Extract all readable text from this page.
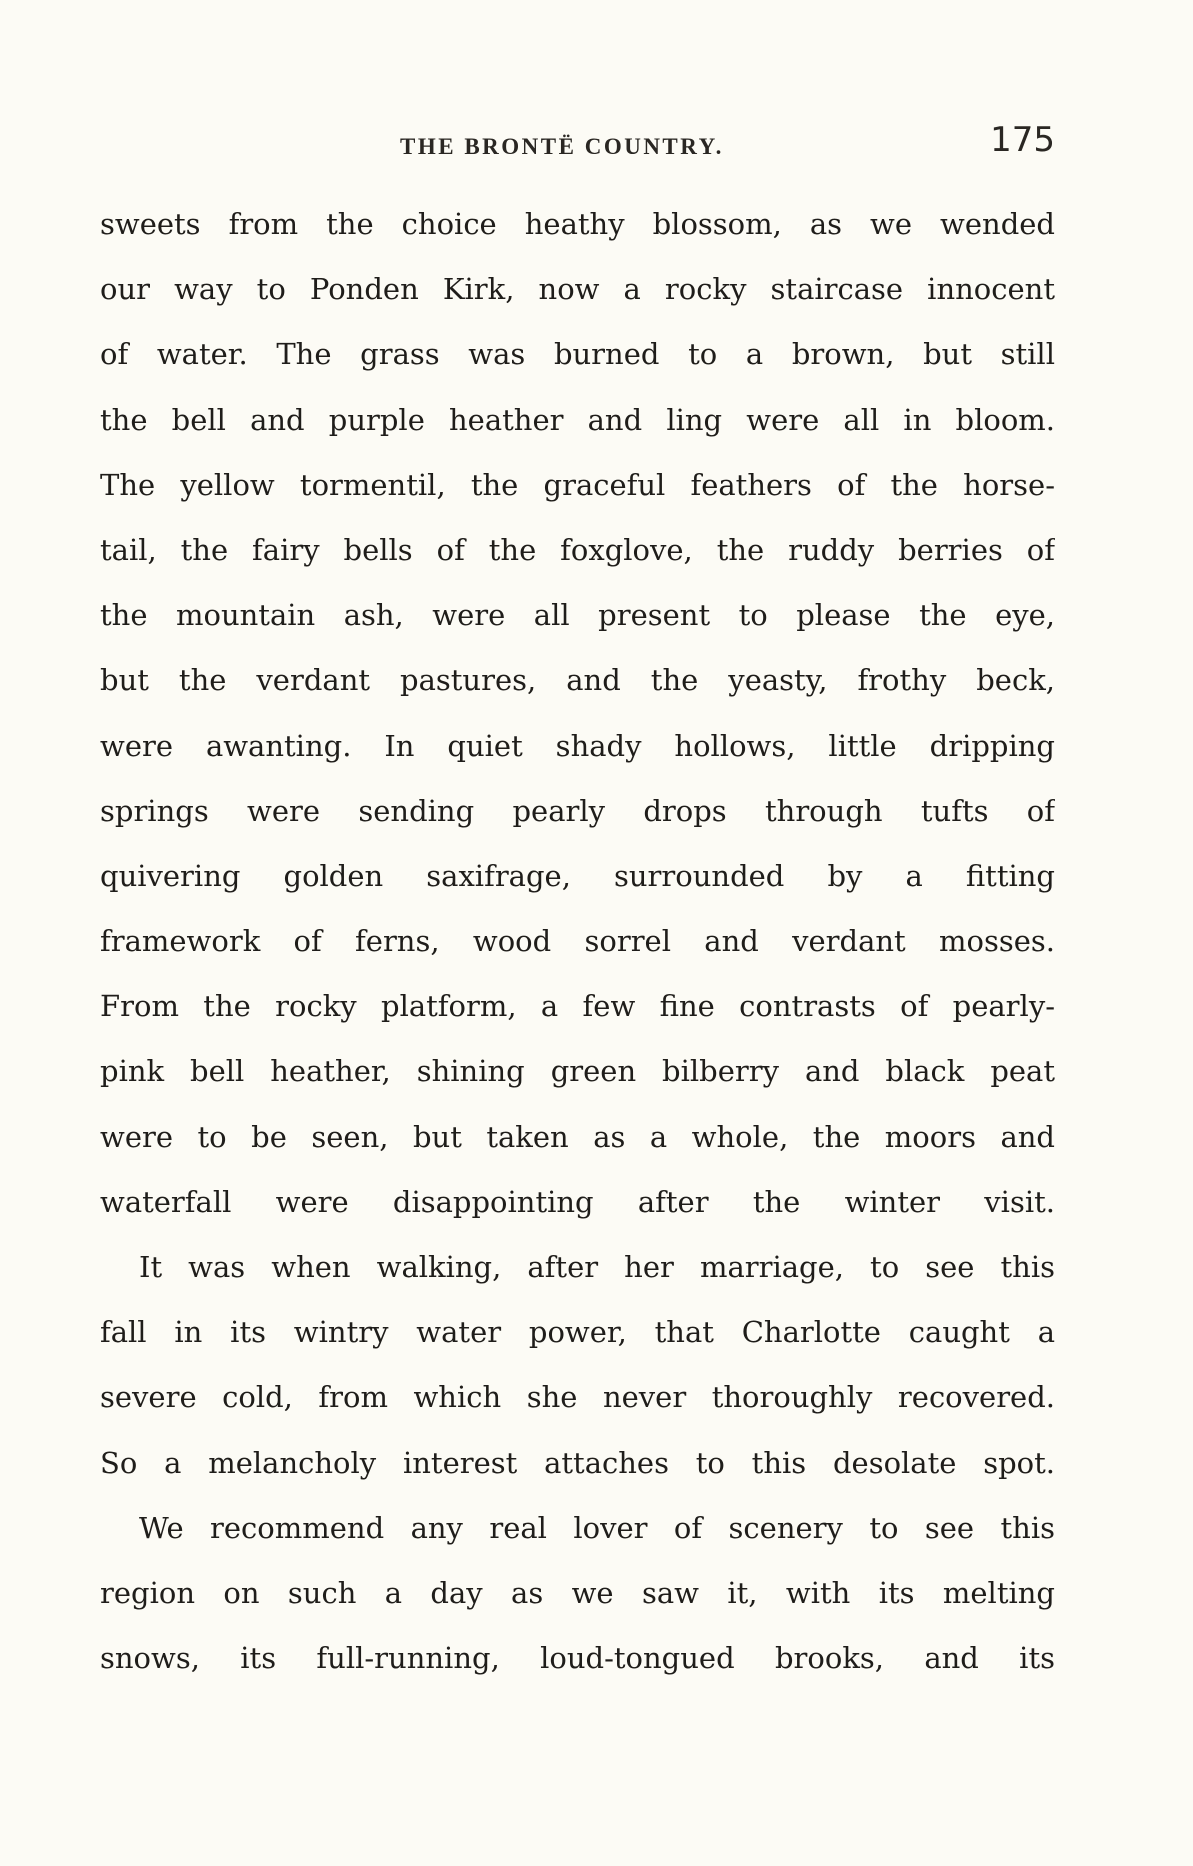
THE BRONTË COUNTRY.	175
sweets from the choice heathy blossom, as we wended
our way to Ponden Kirk, now a rocky staircase innocent
of water. The grass was burned to a brown, but still
the bell and purple heather and ling were all in bloom.
The yellow tormentil, the graceful feathers of the horse-
tail, the fairy bells of the foxglove, the ruddy berries of
the mountain ash, were all present to please the eye,
but the verdant pastures, and the yeasty, frothy beck,
were awanting. In quiet shady hollows, little dripping
springs were sending pearly drops through tufts of
quivering golden saxifrage, surrounded by a fitting
framework of ferns, wood sorrel and verdant mosses.
From the rocky platform, a few fine contrasts of pearly-
pink bell heather, shining green bilberry and black peat
were to be seen, but taken as a whole, the moors and
waterfall were disappointing after the winter visit.
It was when walking, after her marriage, to see this
fall in its wintry water power, that Charlotte caught a
severe cold, from which she never thoroughly recovered.
So a melancholy interest attaches to this desolate spot.
We recommend any real lover of scenery to see this
region on such a day as we saw it, with its melting
snows, its full-running, loud-tongued brooks, and its
